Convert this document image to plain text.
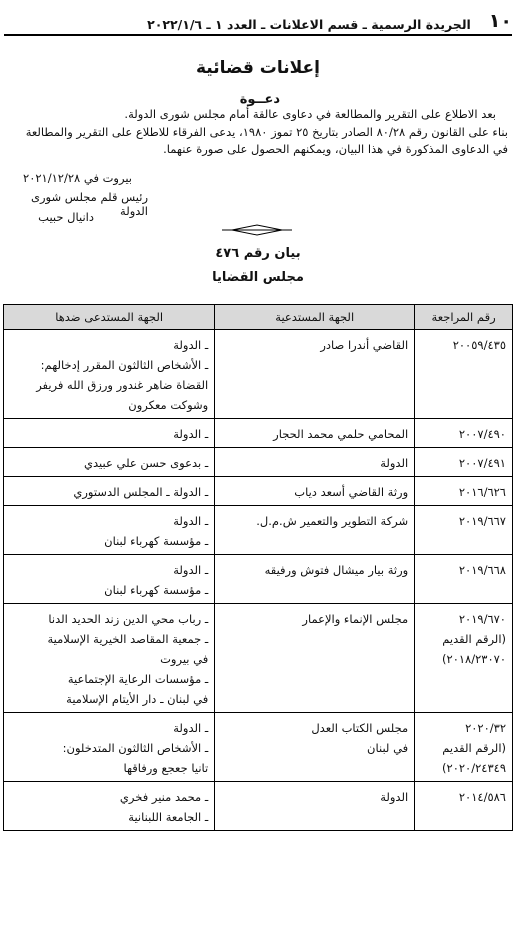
١٠
الجريدة الرسمية ـ قسم الاعلانات ـ العدد ١ ـ ٢٠٢٢/١/٦
إعلانات قضائية
دعــوة
بعد الاطلاع على التقرير والمطالعة في دعاوى عالقة أمام مجلس شورى الدولة.
بناء على القانون رقم ٨٠/٢٨ الصادر بتاريخ ٢٥ تموز ١٩٨٠، يدعى الفرقاء للاطلاع على التقرير والمطالعة في الدعاوى المذكورة في هذا البيان، ويمكنهم الحصول على صورة عنهما.
بيروت في ٢٠٢١/١٢/٢٨
رئيس قلم مجلس شورى الدولة
دانيال حبيب
بيان رقم ٤٧٦
مجلس القضايا
رقم المراجعة	الجهة المستدعية	الجهة المستدعى ضدها

٢٠٠٥٩/٤٣٥	القاضي أندرا صادر	ـ الدولة
ـ الأشخاص الثالثون المقرر إدخالهم:
القضاة ضاهر غندور ورزق الله فريفر
وشوكت معكرون

٢٠٠٧/٤٩٠	المحامي حلمي محمد الحجار	ـ الدولة

٢٠٠٧/٤٩١	الدولة	ـ بدعوى حسن علي عبيدي

٢٠١٦/٦٢٦	ورثة القاضي أسعد دياب	ـ الدولة ـ المجلس الدستوري

٢٠١٩/٦٦٧	شركة التطوير والتعمير ش.م.ل.	ـ الدولة
ـ مؤسسة كهرباء لبنان

٢٠١٩/٦٦٨	ورثة بيار ميشال فتوش ورفيقه	ـ الدولة
ـ مؤسسة كهرباء لبنان

٢٠١٩/٦٧٠
(الرقم القديم
٢٠١٨/٢٣٠٧٠)	مجلس الإنماء والإعمار	ـ رباب محي الدين زند الحديد الدنا
ـ جمعية المقاصد الخيرية الإسلامية
في بيروت
ـ مؤسسات الرعاية الإجتماعية
في لبنان ـ دار الأيتام الإسلامية

٢٠٢٠/٣٢
(الرقم القديم
٢٠٢٠/٢٤٣٤٩)	مجلس الكتاب العدل
في لبنان	ـ الدولة
ـ الأشخاص الثالثون المتدخلون:
تانيا جعجع ورفاقها

٢٠١٤/٥٨٦	الدولة	ـ محمد منير فخري
ـ الجامعة اللبنانية
